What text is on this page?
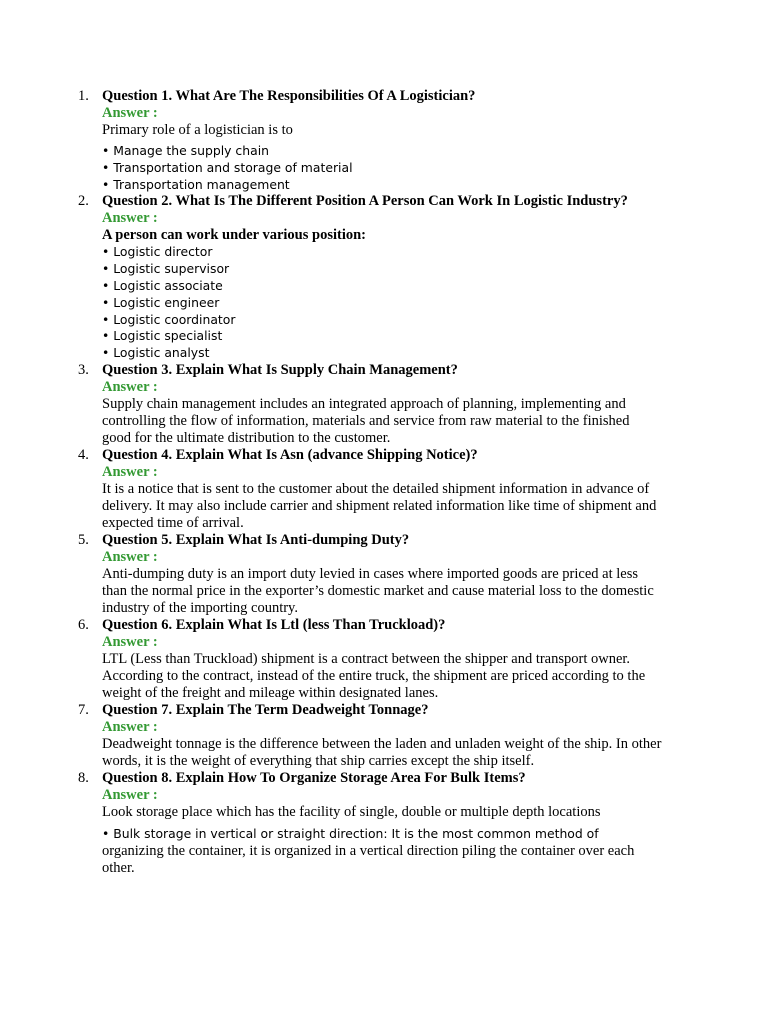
1. Question 1. What Are The Responsibilities Of A Logistician?
Answer :
Primary role of a logistician is to
• Manage the supply chain
• Transportation and storage of material
• Transportation management
2. Question 2. What Is The Different Position A Person Can Work In Logistic Industry?
Answer :
A person can work under various position:
• Logistic director
• Logistic supervisor
• Logistic associate
• Logistic engineer
• Logistic coordinator
• Logistic specialist
• Logistic analyst
3. Question 3. Explain What Is Supply Chain Management?
Answer :
Supply chain management includes an integrated approach of planning, implementing and controlling the flow of information, materials and service from raw material to the finished good for the ultimate distribution to the customer.
4. Question 4. Explain What Is Asn (advance Shipping Notice)?
Answer :
It is a notice that is sent to the customer about the detailed shipment information in advance of delivery. It may also include carrier and shipment related information like time of shipment and expected time of arrival.
5. Question 5. Explain What Is Anti-dumping Duty?
Answer :
Anti-dumping duty is an import duty levied in cases where imported goods are priced at less than the normal price in the exporter’s domestic market and cause material loss to the domestic industry of the importing country.
6. Question 6. Explain What Is Ltl (less Than Truckload)?
Answer :
LTL (Less than Truckload) shipment is a contract between the shipper and transport owner. According to the contract, instead of the entire truck, the shipment are priced according to the weight of the freight and mileage within designated lanes.
7. Question 7. Explain The Term Deadweight Tonnage?
Answer :
Deadweight tonnage is the difference between the laden and unladen weight of the ship. In other words, it is the weight of everything that ship carries except the ship itself.
8. Question 8. Explain How To Organize Storage Area For Bulk Items?
Answer :
Look storage place which has the facility of single, double or multiple depth locations
• Bulk storage in vertical or straight direction: It is the most common method of organizing the container, it is organized in a vertical direction piling the container over each other.
